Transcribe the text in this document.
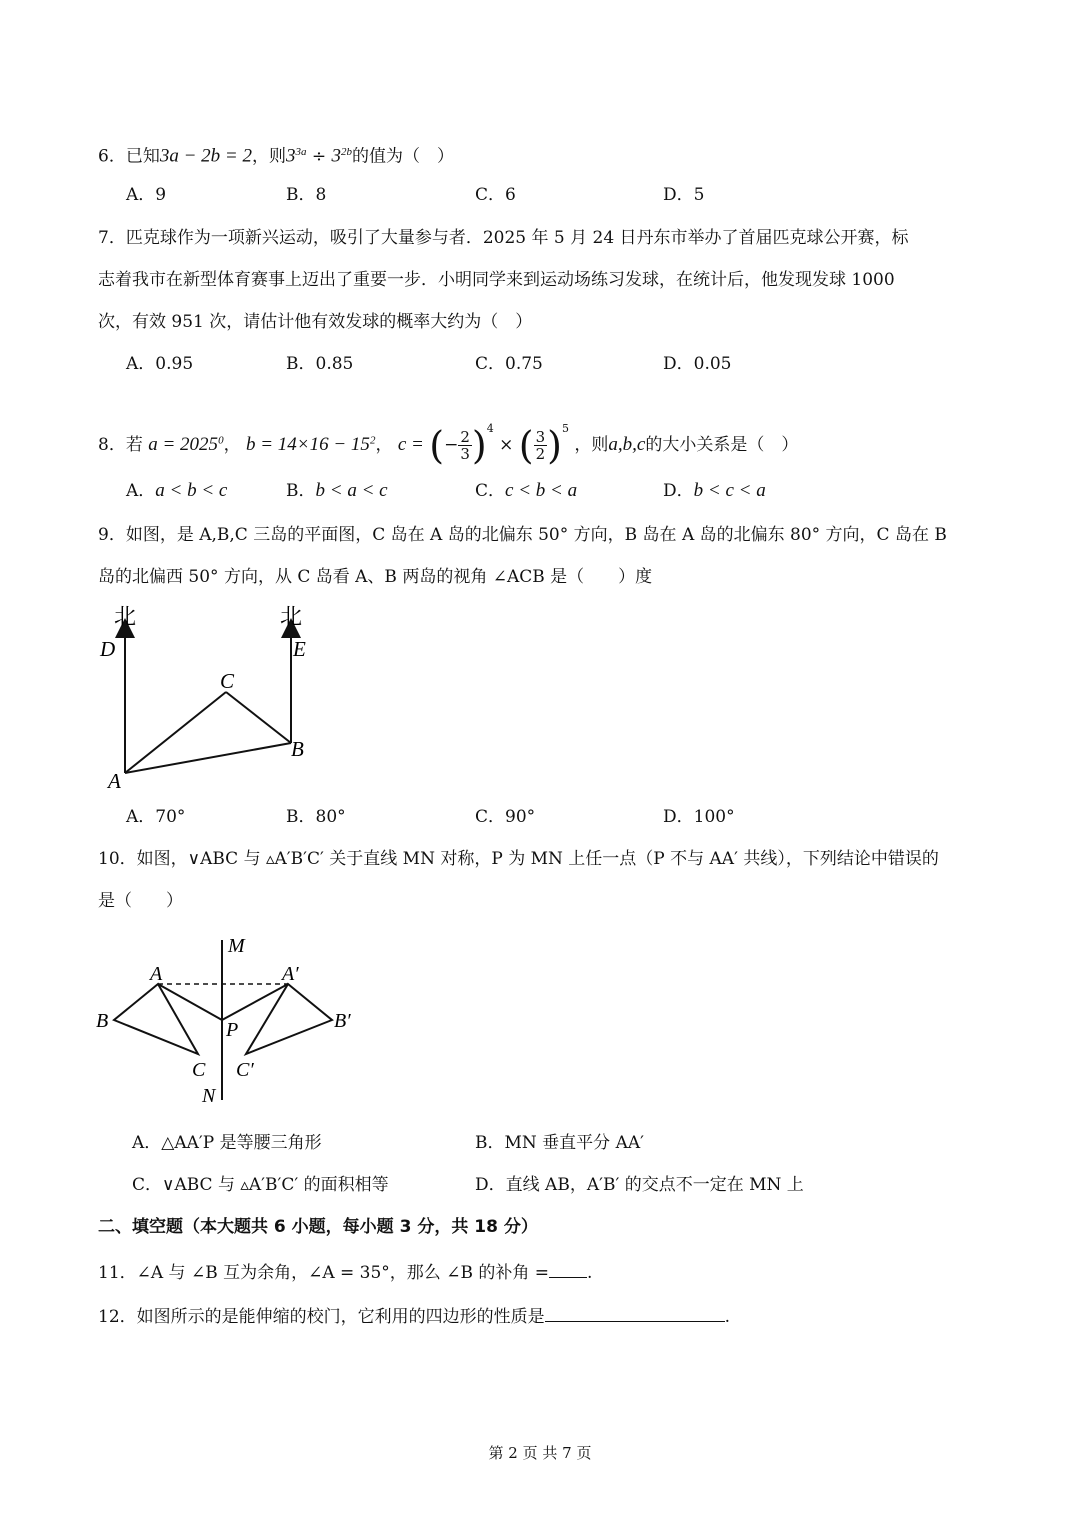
6．已知3a − 2b = 2，则$3^{3a} \div 3^{2b}$的值为（　）
A．9	B．8	C．6	D．5
7．匹克球作为一项新兴运动，吸引了大量参与者．2025 年 5 月 24 日丹东市举办了首届匹克球公开赛，标
志着我市在新型体育赛事上迈出了重要一步．小明同学来到运动场练习发球，在统计后，他发现发球 1000
次，有效 951 次，请估计他有效发球的概率大约为（　）
A．0.95	B．0.85	C．0.75	D．0.05
8．若 $a = 2025^0$， $b = 14\times 16 - 15^2$， c = (− $\frac{2}{3} )^4$ × ( $\frac{3}{2} )^5$ ，则a,b,c的大小关系是（　）
A．a < b < c	B．b < a < c	C．c < b < a	D．b < c < a
9．如图，是 A,B,C 三岛的平面图，C 岛在 A 岛的北偏东 50° 方向，B 岛在 A 岛的北偏东 80° 方向，C 岛在 B
岛的北偏西 50° 方向，从 C 岛看 A、B 两岛的视角 ∠ACB 是（　　）度
北	北
D	E
C
B
A
A．70°	B．80°	C．90°	D．100°
10．如图，∨ABC 与 ▵A′B′C′ 关于直线 MN 对称，P 为 MN 上任一点（P 不与 AA′ 共线），下列结论中错误的
是（　　）
M
N
A	A′
B	B′
P
C C′
A．△AA′P 是等腰三角形	B．MN 垂直平分 AA′
C．∨ABC 与 ▵A′B′C′ 的面积相等	D．直线 AB，A′B′ 的交点不一定在 MN 上
二、填空题（本大题共 6 小题，每小题 3 分，共 18 分）
11．∠A 与 ∠B 互为余角，∠A = 35°，那么 ∠B 的补角 = .
12．如图所示的是能伸缩的校门，它利用的四边形的性质是	.
第 2 页 共 7 页
